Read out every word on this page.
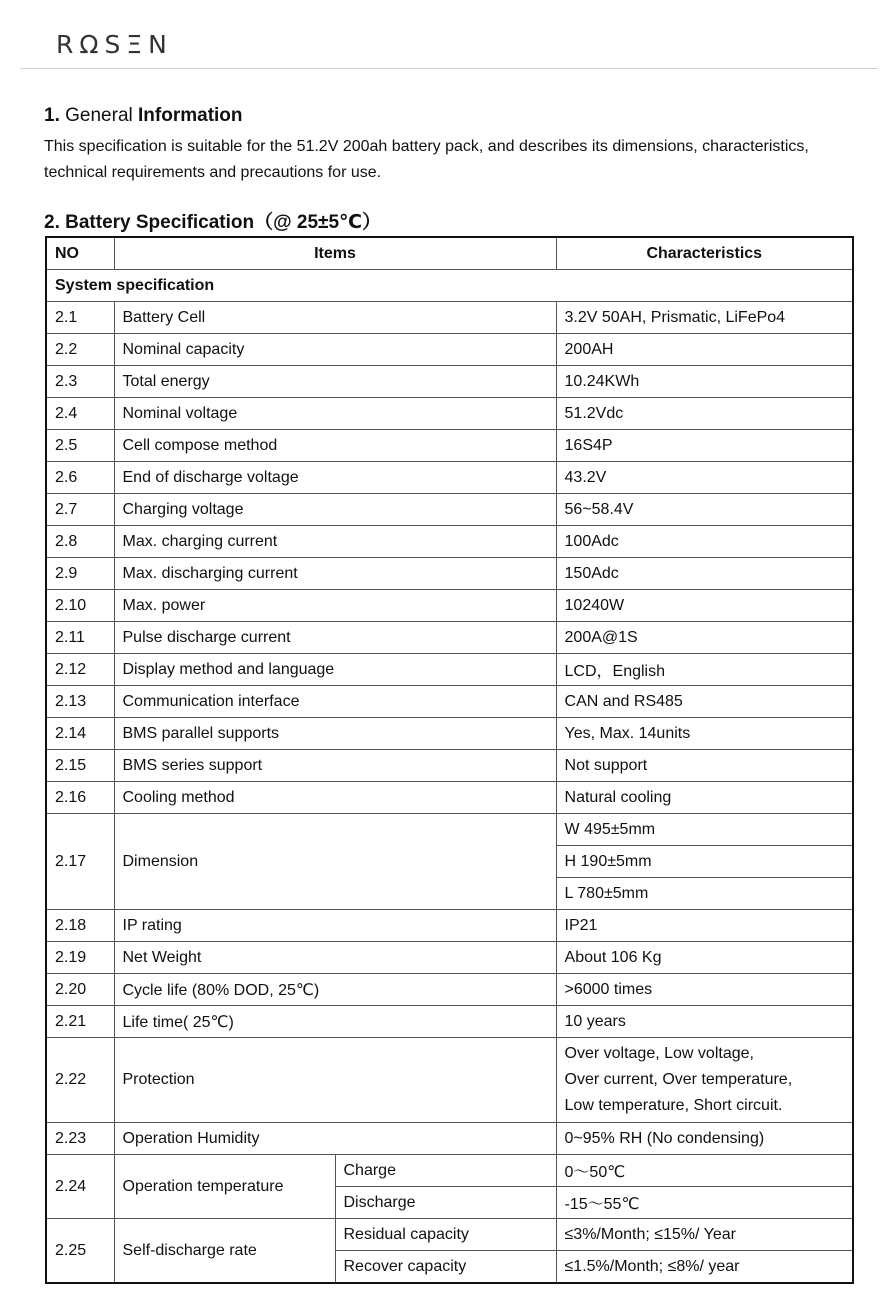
RΩSΞN
1. General Information
This specification is suitable for the 51.2V 200ah battery pack, and describes its dimensions, characteristics, technical requirements and precautions for use.
2. Battery Specification（@ 25±5℃）
NO	Items		Characteristics
System specification			
2.1	Battery Cell		3.2V 50AH, Prismatic, LiFePo4
2.2	Nominal capacity		200AH
2.3	Total energy		10.24KWh
2.4	Nominal voltage		51.2Vdc
2.5	Cell compose method		16S4P
2.6	End of discharge voltage		43.2V
2.7	Charging voltage		56~58.4V
2.8	Max. charging current		100Adc
2.9	Max. discharging current		150Adc
2.10	Max. power		10240W
2.11	Pulse discharge current		200A@1S
2.12	Display method and language		LCD，English
2.13	Communication interface		CAN and RS485
2.14	BMS parallel supports		Yes, Max. 14units
2.15	BMS series support		Not support
2.16	Cooling method		Natural cooling
2.17	Dimension		W 495±5mm
			H 190±5mm
			L 780±5mm
2.18	IP rating		IP21
2.19	Net Weight		About 106 Kg
2.20	Cycle life (80% DOD, 25℃)		>6000 times
2.21	Life time( 25℃)		10 years
2.22	Protection		Over voltage, Low voltage,
Over current, Over temperature,
Low temperature, Short circuit.

2.23	Operation Humidity		0~95% RH (No condensing)
2.24	Operation temperature	Charge	0～50℃
		Discharge	-15～55℃
2.25	Self-discharge rate	Residual capacity	≤3%/Month; ≤15%/ Year
		Recover capacity	≤1.5%/Month; ≤8%/ year
